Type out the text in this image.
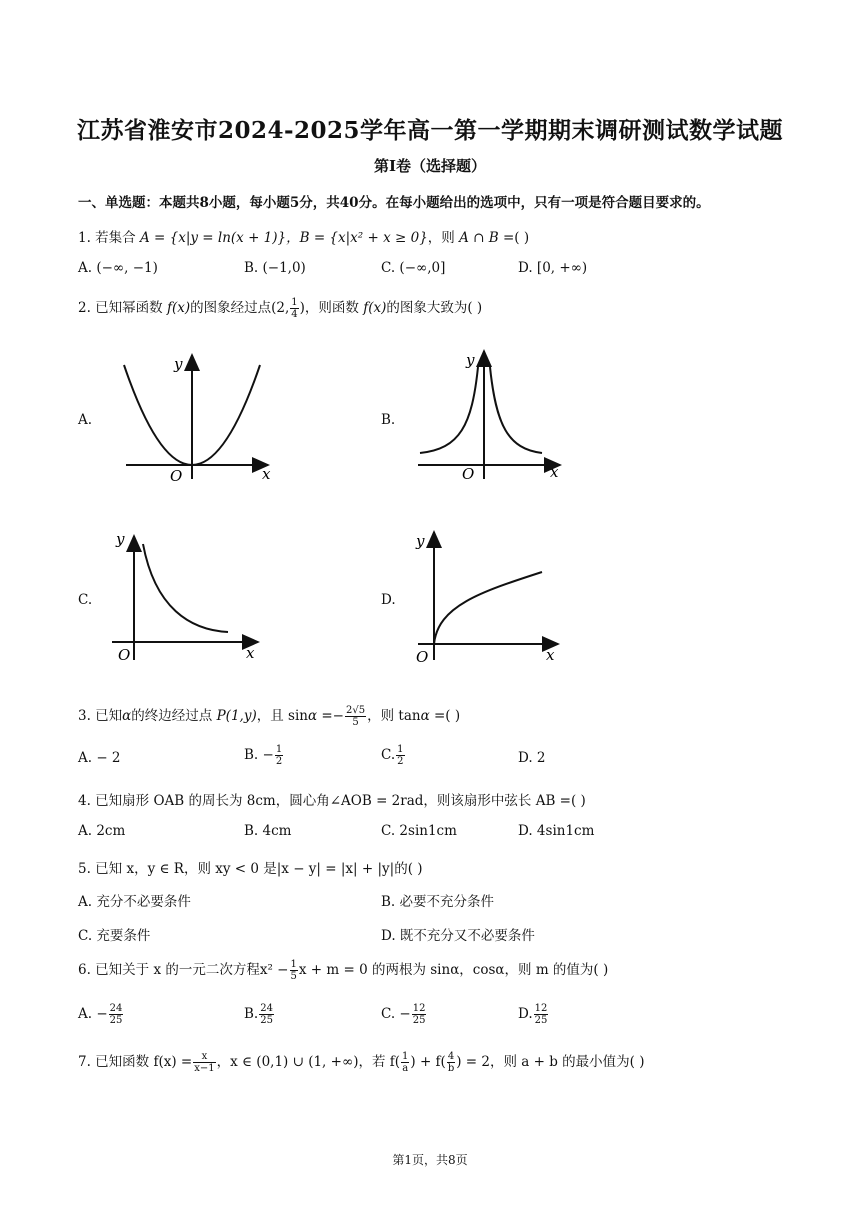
江苏省淮安市2024-2025学年高一第一学期期末调研测试数学试题
第I卷（选择题）
一、单选题：本题共8小题，每小题5分，共40分。在每小题给出的选项中，只有一项是符合题目要求的。
1. 若集合 A = {x|y = ln(x + 1)}，B = {x|x² + x ≥ 0}，则 A ∩ B =( )
A. (−∞, −1)	B. (−1,0)	C. (−∞,0]	D. [0, +∞)
2. 已知幂函数 f(x)的图象经过点(2, $\frac{1}{4}$ )，则函数 f(x)的图象大致为( )
A.	B.
C.	D.
y
x
O
y
x
O
y
x
O
y
x
O
3. 已知α的终边经过点 P(1,y)，且 $\sin\alpha =- \frac{2√5}{5}$ ，则 tanα =( )
A. − 2	B. − $\frac{1}{2}$	C. $\frac{1}{2}$	D. 2
4. 已知扇形 OAB 的周长为 8cm，圆心角∠AOB = 2rad，则该扇形中弦长 AB =( )
A. 2cm	B. 4cm	C. 2sin1cm	D. 4sin1cm
5. 已知 x，y ∈ R，则 xy < 0 是|x − y| = |x| + |y|的( )
A. 充分不必要条件	B. 必要不充分条件
C. 充要条件	D. 既不充分又不必要条件
6. 已知关于 x 的一元二次方程$x^2 - \frac{1}{5}$ x + m = 0 的两根为 sinα，cosα，则 m 的值为( )
A. − $\frac{24}{25}$	B. $\frac{24}{25}$	C. − $\frac{12}{25}$	D. $\frac{12}{25}$
7. 已知函数 $f(x) = \frac{x}{x-1}$ ，x ∈ (0,1) ∪ (1, +∞)，若 $f( \frac{1}{a}$ ) + $f( \frac{4}{b}$ ) = 2，则 a + b 的最小值为( )
第1页，共8页
